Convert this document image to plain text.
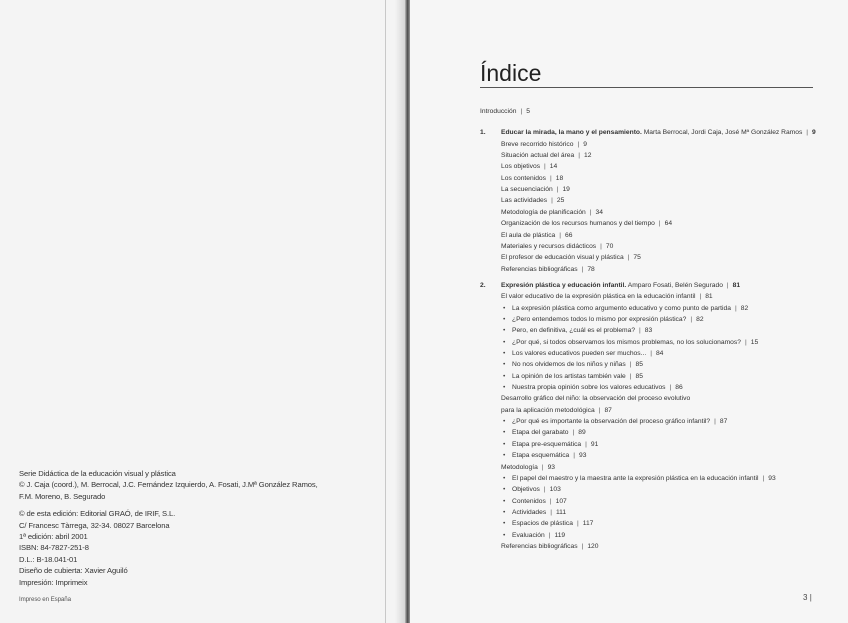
Serie Didáctica de la educación visual y plástica
© J. Caja (coord.), M. Berrocal, J.C. Fernández Izquierdo, A. Fosati, J.Mª González Ramos,
F.M. Moreno, B. Segurado
© de esta edición: Editorial GRAÓ, de IRIF, S.L.
C/ Francesc Tàrrega, 32-34. 08027 Barcelona
1ª edición: abril 2001
ISBN: 84-7827-251-8
D.L.: B-18.041-01
Diseño de cubierta: Xavier Aguiló
Impresión: Imprimeix
Impreso en España
Índice
Introducción | 5
1. Educar la mirada, la mano y el pensamiento. Marta Berrocal, Jordi Caja, José Mª González Ramos | 9
Breve recorrido histórico | 9
Situación actual del área | 12
Los objetivos | 14
Los contenidos | 18
La secuenciación | 19
Las actividades | 25
Metodología de planificación | 34
Organización de los recursos humanos y del tiempo | 64
El aula de plástica | 66
Materiales y recursos didácticos | 70
El profesor de educación visual y plástica | 75
Referencias bibliográficas | 78
2. Expresión plástica y educación infantil. Amparo Fosati, Belén Segurado | 81
El valor educativo de la expresión plástica en la educación infantil | 81
• La expresión plástica como argumento educativo y como punto de partida | 82
• ¿Pero entendemos todos lo mismo por expresión plástica? | 82
• Pero, en definitiva, ¿cuál es el problema? | 83
• ¿Por qué, si todos observamos los mismos problemas, no los solucionamos? | 15
• Los valores educativos pueden ser muchos... | 84
• No nos olvidemos de los niños y niñas | 85
• La opinión de los artistas también vale | 85
• Nuestra propia opinión sobre los valores educativos | 86
Desarrollo gráfico del niño: la observación del proceso evolutivo
para la aplicación metodológica | 87
• ¿Por qué es importante la observación del proceso gráfico infantil? | 87
• Etapa del garabato | 89
• Etapa pre-esquemática | 91
• Etapa esquemática | 93
Metodología | 93
• El papel del maestro y la maestra ante la expresión plástica en la educación infantil | 93
• Objetivos | 103
• Contenidos | 107
• Actividades | 111
• Espacios de plástica | 117
• Evaluación | 119
Referencias bibliográficas | 120
3 |
